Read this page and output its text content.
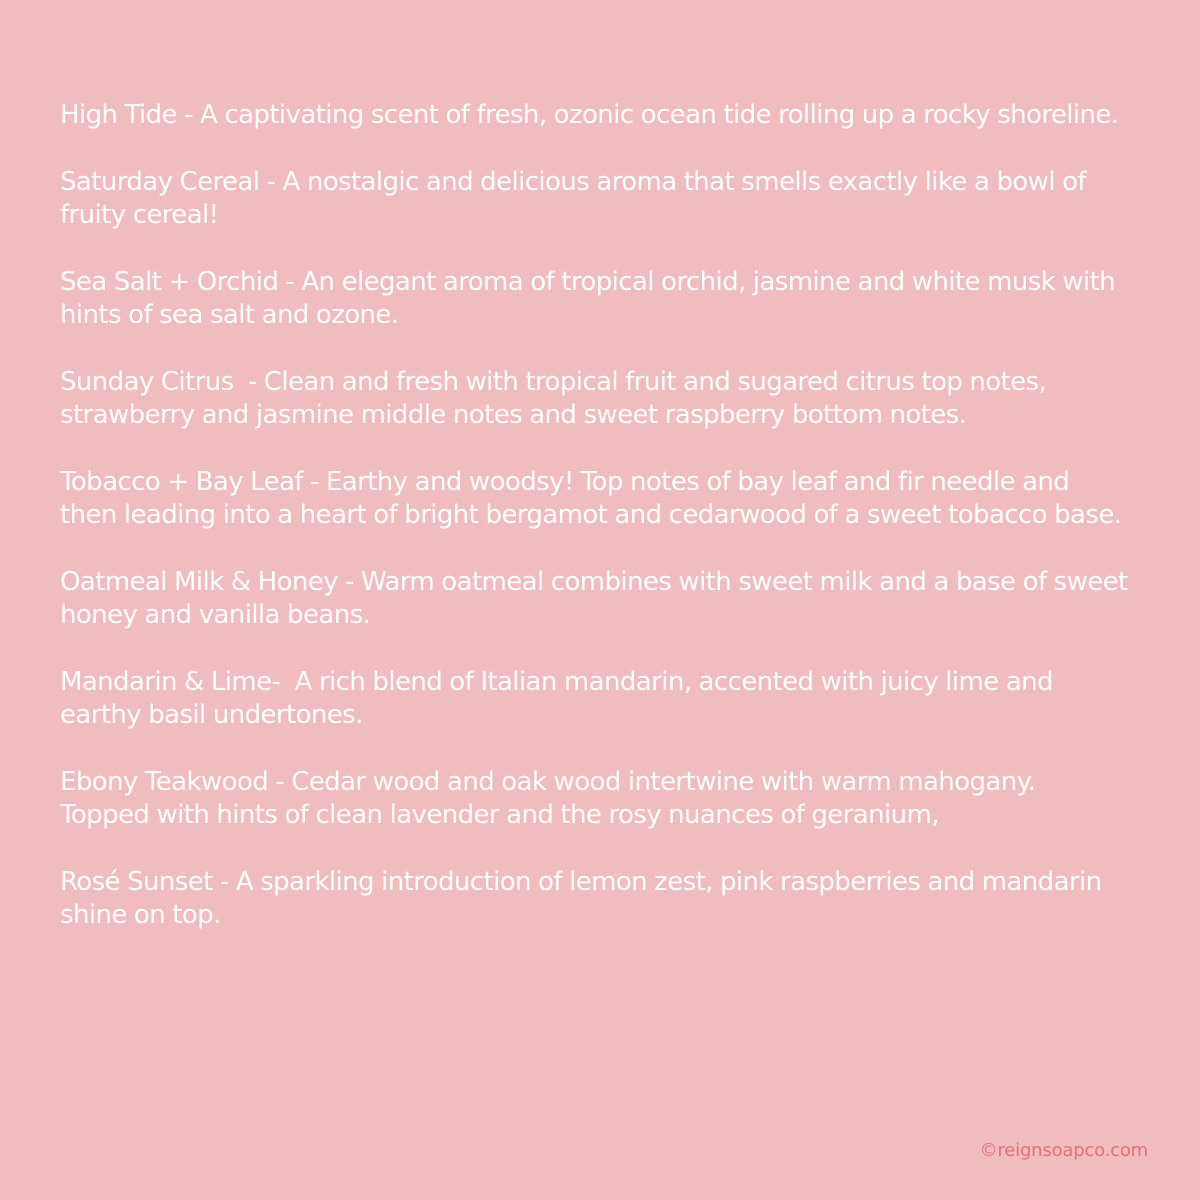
High Tide - A captivating scent of fresh, ozonic ocean tide rolling up a rocky shoreline.
Saturday Cereal - A nostalgic and delicious aroma that smells exactly like a bowl of fruity cereal!
Sea Salt + Orchid - An elegant aroma of tropical orchid, jasmine and white musk with hints of sea salt and ozone.
Sunday Citrus  - Clean and fresh with tropical fruit and sugared citrus top notes, strawberry and jasmine middle notes and sweet raspberry bottom notes.
Tobacco + Bay Leaf - Earthy and woodsy! Top notes of bay leaf and fir needle and then leading into a heart of bright bergamot and cedarwood of a sweet tobacco base.
Oatmeal Milk & Honey - Warm oatmeal combines with sweet milk and a base of sweet honey and vanilla beans.
Mandarin & Lime-  A rich blend of Italian mandarin, accented with juicy lime and earthy basil undertones.
Ebony Teakwood - Cedar wood and oak wood intertwine with warm mahogany. Topped with hints of clean lavender and the rosy nuances of geranium,
Rosé Sunset - A sparkling introduction of lemon zest, pink raspberries and mandarin shine on top.
©reignsoapco.com
